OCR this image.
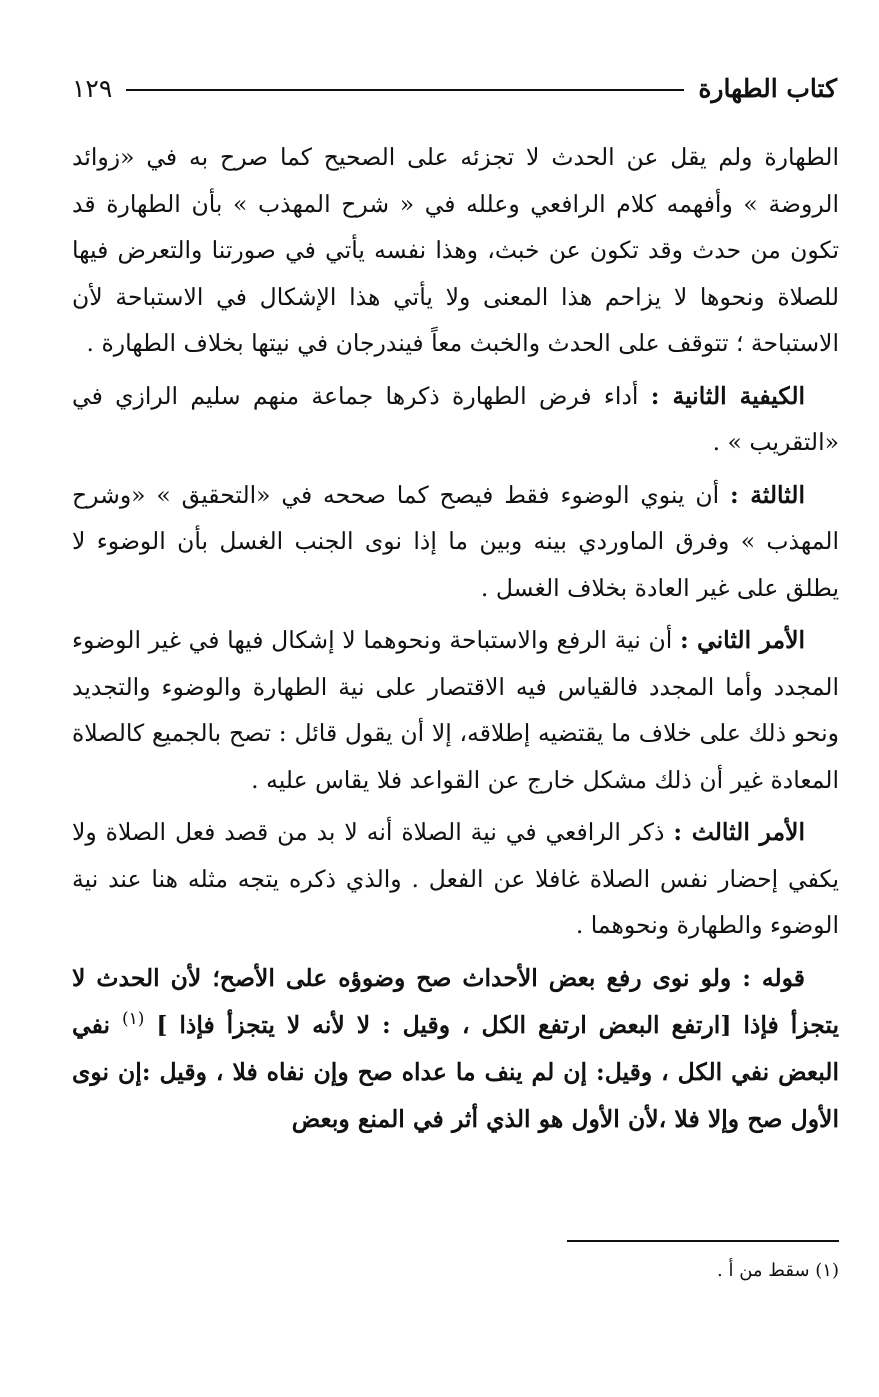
كتاب الطهارة
١٢٩

الطهارة ولم يقل عن الحدث لا تجزئه على الصحيح كما صرح به في «زوائد الروضة » وأفهمه كلام الرافعي وعلله في « شرح المهذب » بأن الطهارة قد تكون من حدث وقد تكون عن خبث، وهذا نفسه يأتي في صورتنا والتعرض فيها للصلاة ونحوها لا يزاحم هذا المعنى ولا يأتي هذا الإشكال في الاستباحة لأن الاستباحة ؛ تتوقف على الحدث والخبث معاً فيندرجان في نيتها بخلاف الطهارة .

الكيفية الثانية : أداء فرض الطهارة ذكرها جماعة منهم سليم الرازي في «التقريب » .

الثالثة : أن ينوي الوضوء فقط فيصح كما صححه في «التحقيق » «وشرح المهذب » وفرق الماوردي بينه وبين ما إذا نوى الجنب الغسل بأن الوضوء لا يطلق على غير العادة بخلاف الغسل .

الأمر الثاني : أن نية الرفع والاستباحة ونحوهما لا إشكال فيها في غير الوضوء المجدد وأما المجدد فالقياس فيه الاقتصار على نية الطهارة والوضوء والتجديد ونحو ذلك على خلاف ما يقتضيه إطلاقه، إلا أن يقول قائل : تصح بالجميع كالصلاة المعادة غير أن ذلك مشكل خارج عن القواعد فلا يقاس عليه .

الأمر الثالث : ذكر الرافعي في نية الصلاة أنه لا بد من قصد فعل الصلاة ولا يكفي إحضار نفس الصلاة غافلا عن الفعل . والذي ذكره يتجه مثله هنا عند نية الوضوء والطهارة ونحوهما .

قوله : ولو نوى رفع بعض الأحداث صح وضوؤه على الأصح؛ لأن الحدث لا يتجزأ فإذا [ارتفع البعض ارتفع الكل ، وقيل : لا لأنه لا يتجزأ فإذا ] $^{(١)}$ نفي البعض نفي الكل ، وقيل: إن لم ينف ما عداه صح وإن نفاه فلا ، وقيل :إن نوى الأول صح وإلا فلا ،لأن الأول هو الذي أثر في المنع وبعض

(١) سقط من أ .
